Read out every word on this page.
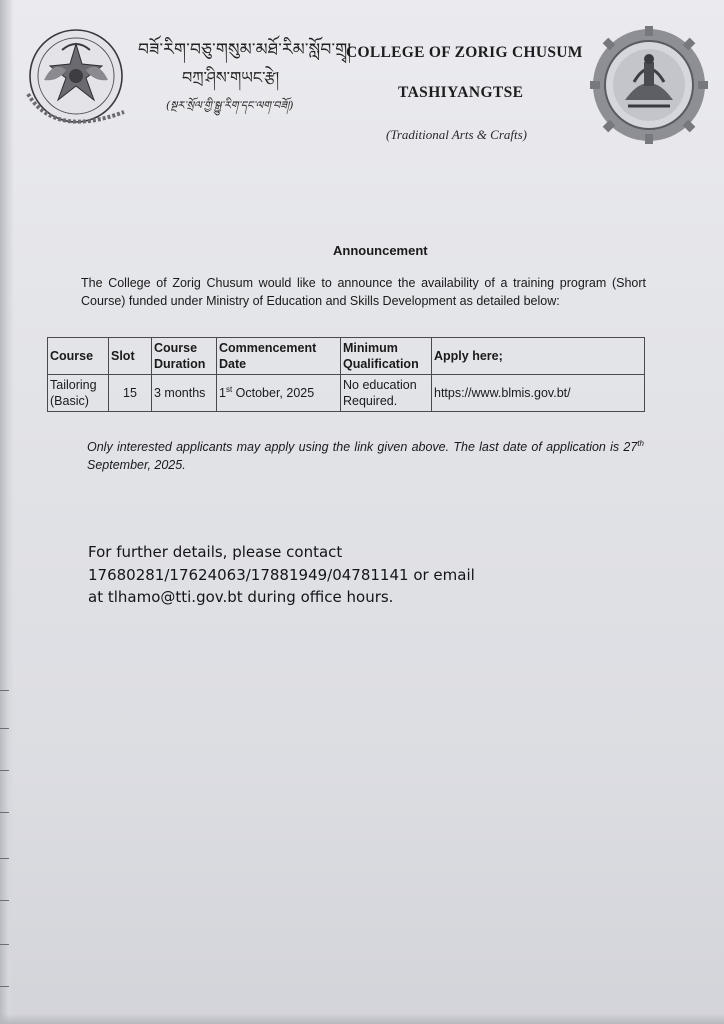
བཟོ་རིག་བཅུ་གསུམ་མཐོ་རིམ་སློབ་གྲྭ།
བཀྲ་ཤིས་གཡང་རྩེ།
(སྔར་སྲོལ་གྱི་སྒྱུ་རིག་དང་ལག་བཟོ།)
COLLEGE OF ZORIG CHUSUM
TASHIYANGTSE
(Traditional Arts & Crafts)
Announcement
The College of Zorig Chusum would like to announce the availability of a training program (Short Course) funded under Ministry of Education and Skills Development as detailed below:
Course	Slot	Course Duration	Commencement Date	Minimum Qualification	Apply here;
Tailoring (Basic)	15	3 months	1st October, 2025	No education Required.	https://www.blmis.gov.bt/
Only interested applicants may apply using the link given above. The last date of application is 27th September, 2025.
For further details, please contact
17680281/17624063/17881949/04781141 or email
at tlhamo@tti.gov.bt during office hours.
